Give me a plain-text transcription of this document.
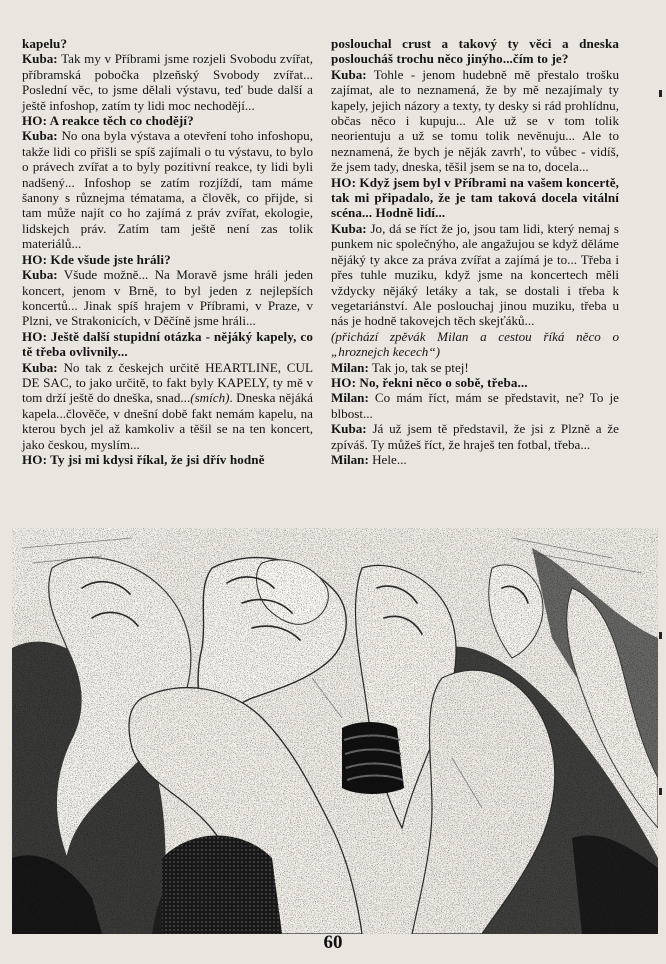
kapelu?

Kuba: Tak my v Příbrami jsme rozjeli Svobodu zvířat, příbramská pobočka plzeňský Svobody zvířat... Poslední věc, to jsme dělali výstavu, teď bude další a ještě infoshop, zatím ty lidi moc nechodějí...

HO: A reakce těch co chodějí?

Kuba: No ona byla výstava a otevření toho infoshopu, takže lidi co přišli se spíš zajímali o tu výstavu, to bylo o právech zvířat a to byly pozitivní reakce, ty lidi byli nadšený... Infoshop se zatím rozjíždí, tam máme šanony s různejma tématama, a člověk, co přijde, si tam může najít co ho zajímá z práv zvířat, ekologie, lidskejch práv. Zatím tam ještě není zas tolik materiálů...

HO: Kde všude jste hráli?

Kuba: Všude možně... Na Moravě jsme hráli jeden koncert, jenom v Brně, to byl jeden z nejlepších koncertů... Jinak spíš hrajem v Příbrami, v Praze, v Plzni, ve Strakonicích, v Děčíně jsme hráli...

HO: Ještě další stupidní otázka - nějáký kapely, co tě třeba ovlivnily...

Kuba: No tak z českejch určitě HEARTLINE, CUL DE SAC, to jako určitě, to fakt byly KAPELY, ty mě v tom drží ještě do dneška, snad...(smích). Dneska nějáká kapela...člověče, v dnešní době fakt nemám kapelu, na kterou bych jel až kamkoliv a těšil se na ten koncert, jako českou, myslím...

HO: Ty jsi mi kdysi říkal, že jsi dřív hodně

poslouchal crust a takový ty věci a dneska posloucháš trochu něco jinýho...čím to je?

Kuba: Tohle - jenom hudebně mě přestalo trošku zajímat, ale to neznamená, že by mě nezajímaly ty kapely, jejich názory a texty, ty desky si rád prohlídnu, občas něco i kupuju... Ale už se v tom tolik neorientuju a už se tomu tolik nevěnuju... Ale to neznamená, že bych je něják zavrh', to vůbec - vidíš, že jsem tady, dneska, těšil jsem se na to, docela...

HO: Když jsem byl v Příbrami na vašem koncertě, tak mi připadalo, že je tam taková docela vitální scéna... Hodně lidí...

Kuba: Jo, dá se říct že jo, jsou tam lidi, který nemaj s punkem nic společnýho, ale angažujou se když děláme nějáký ty akce za práva zvířat a zajímá je to... Třeba i přes tuhle muziku, když jsme na koncertech měli vždycky nějáký letáky a tak, se dostali i třeba k vegetariánství. Ale poslouchaj jinou muziku, třeba u nás je hodně takovejch těch skejťáků...

(přichází zpěvák Milan a cestou říká něco o „hroznejch kecech“)

Milan: Tak jo, tak se ptej!

HO: No, řekni něco o sobě, třeba...

Milan: Co mám říct, mám se představit, ne? To je blbost...

Kuba: Já už jsem tě představil, že jsi z Plzně a že zpíváš. Ty můžeš říct, že hraješ ten fotbal, třeba...

Milan: Hele...

60
